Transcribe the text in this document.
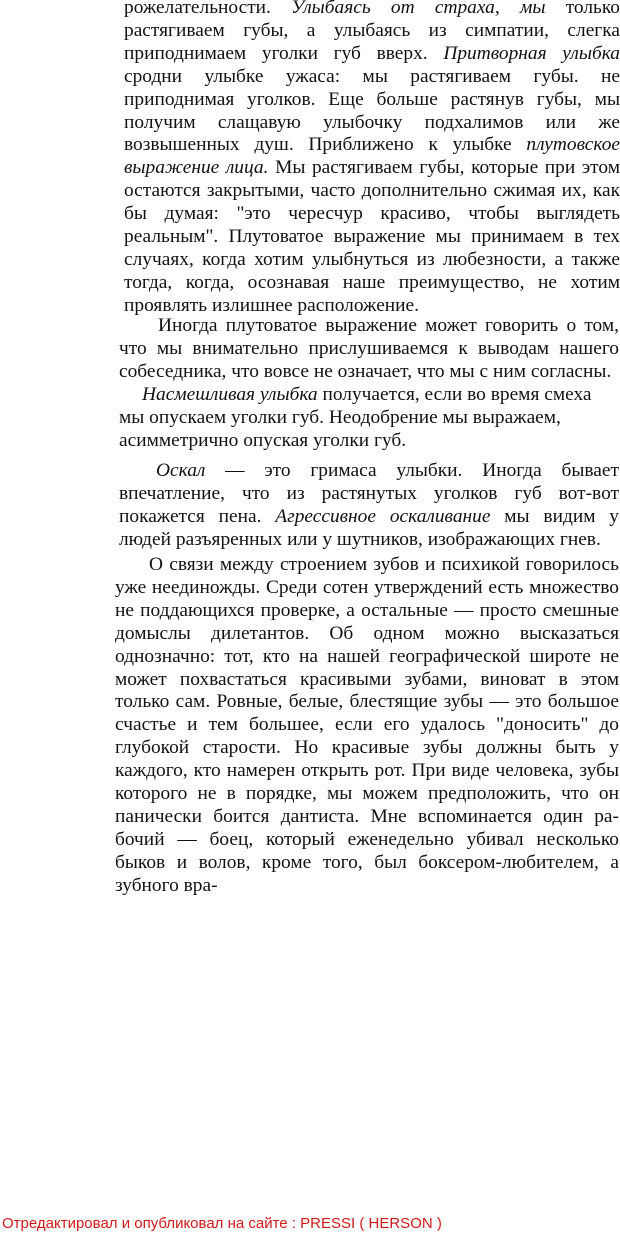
рожелательности. Улыбаясь от страха, мы только растягиваем губы, а улыбаясь из симпатии, слегка приподнимаем уголки губ вверх. Притворная улыбка сродни улыбке ужаса: мы растягиваем губы. не приподнимая уголков. Еще больше растянув губы, мы получим слащавую улыбочку подхалимов или же возвышенных душ. Приближено к улыбке плутовское выражение лица. Мы растягиваем губы, которые при этом остаются закрытыми, часто дополнительно сжимая их, как бы думая: "это чересчур красиво, чтобы выглядеть реальным". Плутоватое выражение мы принимаем в тех случаях, когда хотим улыбнуться из любезности, а также тогда, когда, осознавая наше преимущество, не хотим проявлять излишнее расположение.

Иногда плутоватое выражение может говорить о том, что мы внимательно прислушиваемся к выводам нашего собеседника, что вовсе не означает, что мы с ним согласны.

Насмешливая улыбка получается, если во время смеха мы опускаем уголки губ. Неодобрение мы выражаем, асимметрично опуская уголки губ.

Оскал — это гримаса улыбки. Иногда бывает впечатление, что из растянутых уголков губ вот-вот покажется пена. Агрессивное оскаливание мы видим у людей разъяренных или у шутников, изображающих гнев.

О связи между строением зубов и психикой говорилось уже неединожды. Среди сотен утверждений есть множество не поддающихся проверке, а остальные — просто смешные домыслы дилетантов. Об одном можно высказаться однозначно: тот, кто на нашей географической широте не может похвастаться красивыми зубами, виноват в этом только сам. Ровные, белые, блестящие зубы — это большое счастье и тем большее, если его удалось "доносить" до глубокой старости. Но красивые зубы должны быть у каждого, кто намерен открыть рот. При виде человека, зубы которого не в порядке, мы можем предположить, что он панически боится дантиста. Мне вспоминается один ра-бочий — боец, который еженедельно убивал несколько быков и волов, кроме того, был боксером-любителем, а зубного вра-

Отредактировал и опубликовал на сайте : PRESSI ( HERSON )
